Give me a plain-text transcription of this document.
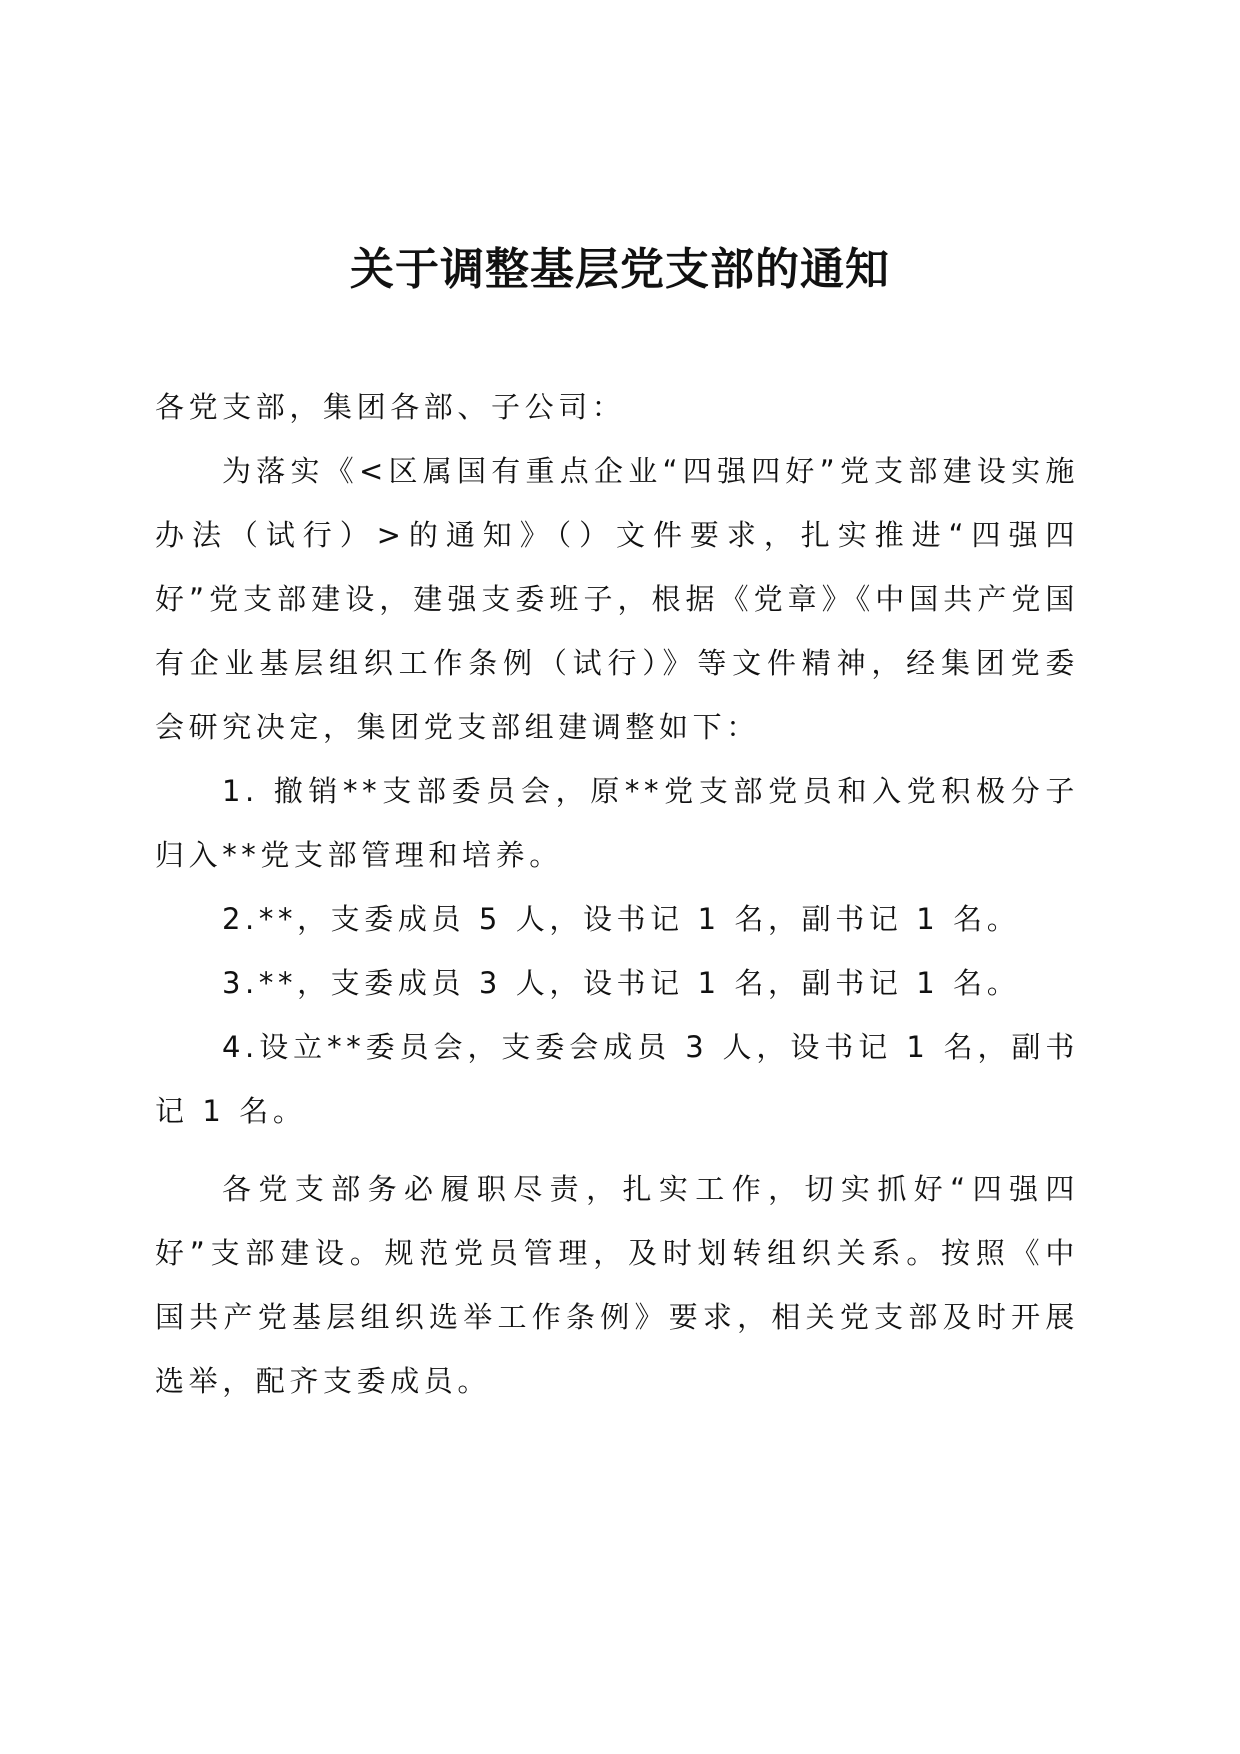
关于调整基层党支部的通知

各党支部，集团各部、子公司：

为落实《<区属国有重点企业“四强四好”党支部建设实施办法（试行）>的通知》（）文件要求，扎实推进“四强四好”党支部建设，建强支委班子，根据《党章》《中国共产党国有企业基层组织工作条例（试行）》等文件精神，经集团党委会研究决定，集团党支部组建调整如下：

1. 撤销**支部委员会，原**党支部党员和入党积极分子归入**党支部管理和培养。

2.**，支委成员 5 人，设书记 1 名，副书记 1 名。

3.**，支委成员 3 人，设书记 1 名，副书记 1 名。

4.设立**委员会，支委会成员 3 人，设书记 1 名，副书记 1 名。

各党支部务必履职尽责，扎实工作，切实抓好“四强四好”支部建设。规范党员管理，及时划转组织关系。按照《中国共产党基层组织选举工作条例》要求，相关党支部及时开展选举，配齐支委成员。
